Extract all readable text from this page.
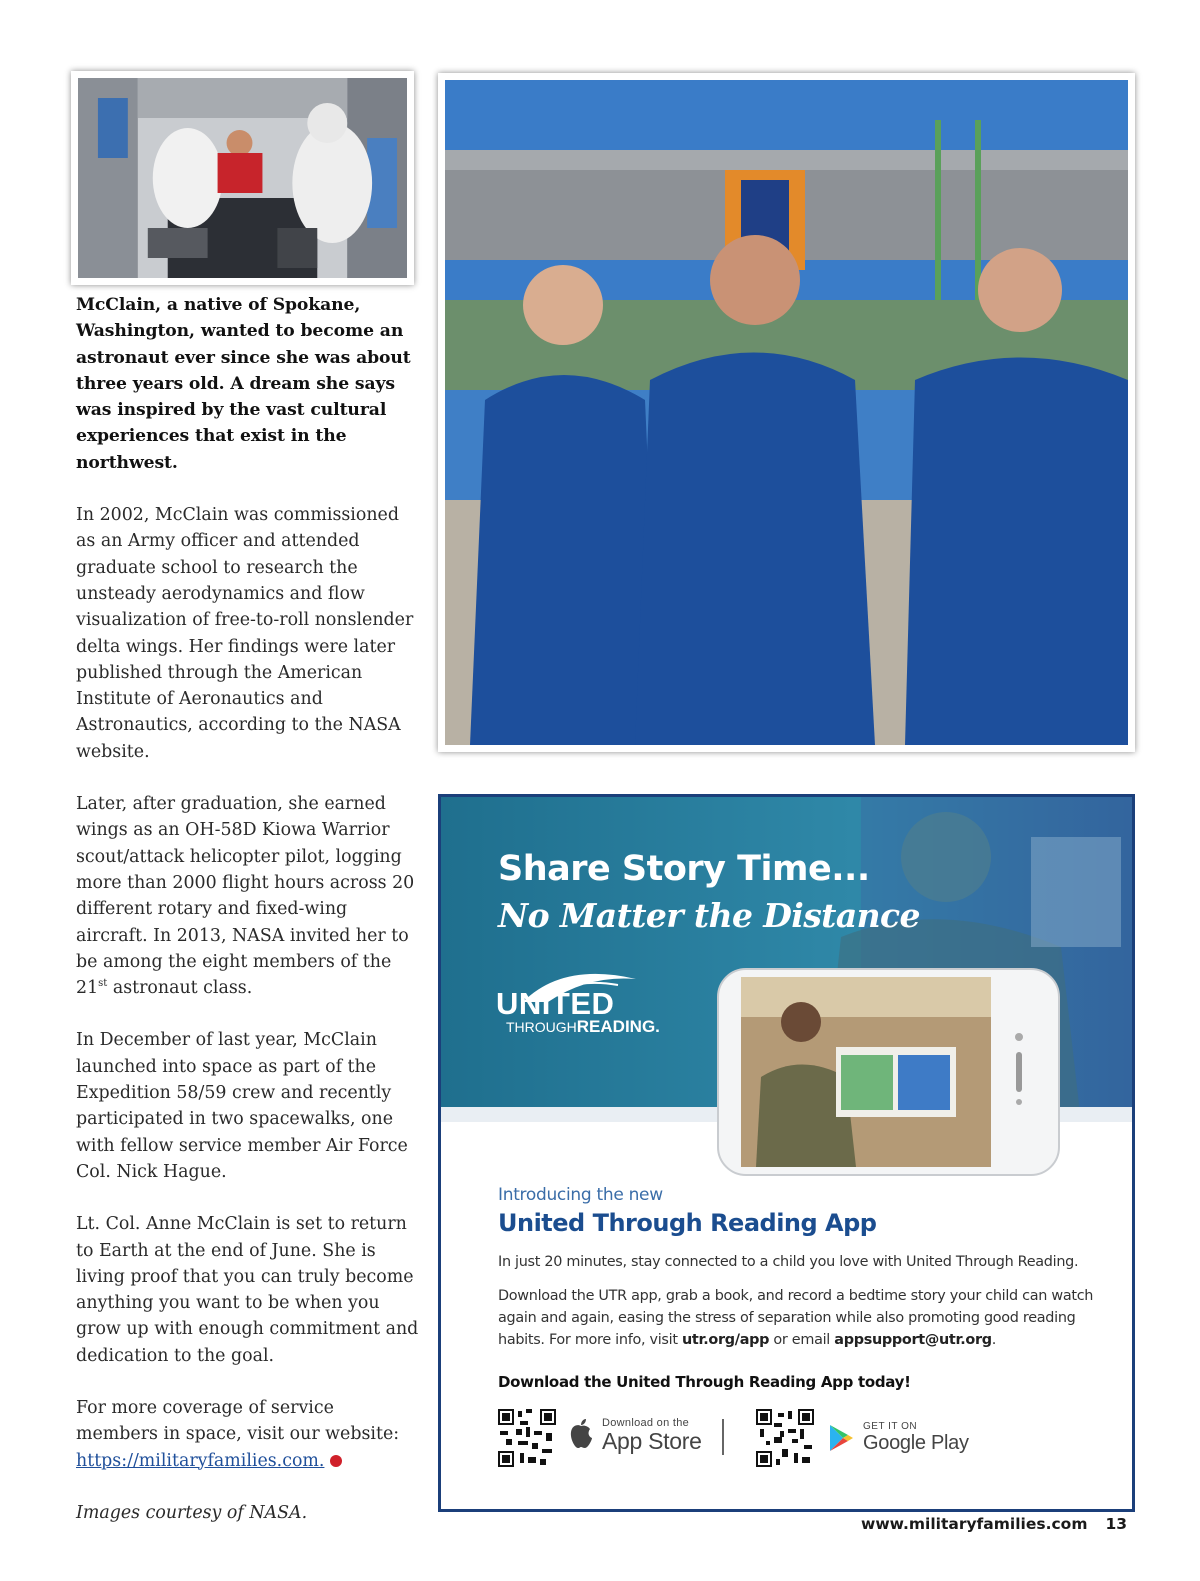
McClain, a native of Spokane, Washington, wanted to become an astronaut ever since she was about three years old. A dream she says was inspired by the vast cultural experiences that exist in the northwest.

In 2002, McClain was commissioned as an Army officer and attended graduate school to research the unsteady aerodynamics and flow visualization of free-to-roll nonslender delta wings. Her findings were later published through the American Institute of Aeronautics and Astronautics, according to the NASA website.

Later, after graduation, she earned wings as an OH-58D Kiowa Warrior scout/attack helicopter pilot, logging more than 2000 flight hours across 20 different rotary and fixed-wing aircraft. In 2013, NASA invited her to be among the eight members of the 21st astronaut class.

In December of last year, McClain launched into space as part of the Expedition 58/59 crew and recently participated in two spacewalks, one with fellow service member Air Force Col. Nick Hague.

Lt. Col. Anne McClain is set to return to Earth at the end of June. She is living proof that you can truly become anything you want to be when you grow up with enough commitment and dedication to the goal.

For more coverage of service members in space, visit our website: https://militaryfamilies.com.

Images courtesy of NASA.

Share Story Time...
No Matter the Distance
UNITED
THROUGHREADING.
Introducing the new
United Through Reading App

In just 20 minutes, stay connected to a child you love with United Through Reading.

Download the UTR app, grab a book, and record a bedtime story your child can watch again and again, easing the stress of separation while also promoting good reading habits. For more info, visit utr.org/app or email appsupport@utr.org.

Download the United Through Reading App today!
Download on the
App Store
GET IT ON
Google Play
www.militaryfamilies.com 13
